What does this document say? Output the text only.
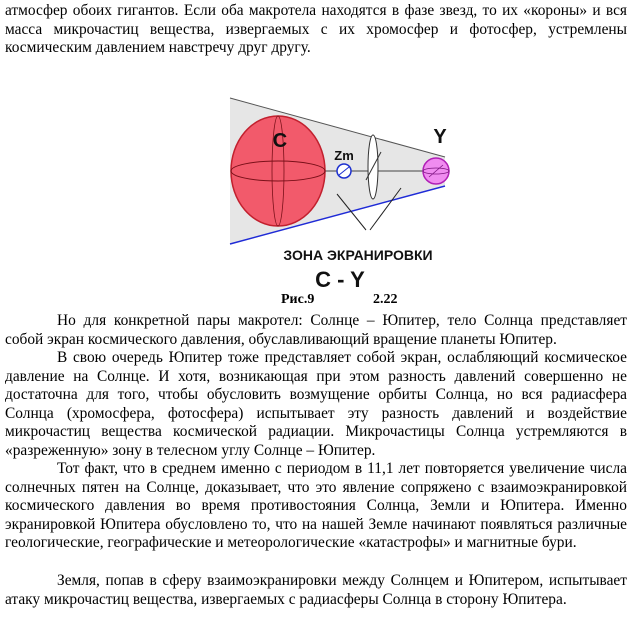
атмосфер обоих гигантов. Если оба макротела находятся в фазе звезд, то их «короны» и вся масса микрочастиц вещества, извергаемых с их хромосфер и фотосфер, устремлены космическим давлением навстречу друг другу.

C
Zm
Y
ЗОНА ЭКРАНИРОВКИ
C - Y
Рис.9	2.22

Но для конкретной пары макротел: Солнце – Юпитер, тело Солнца представляет собой экран космического давления, обуславливающий вращение планеты Юпитер.

В свою очередь Юпитер тоже представляет собой экран, ослабляющий космическое давление на Солнце. И хотя, возникающая при этом разность давлений совершенно не достаточна для того, чтобы обусловить возмущение орбиты Солнца, но вся радиасфера Солнца (хромосфера, фотосфера) испытывает эту разность давлений и воздействие микрочастиц вещества космической радиации. Микрочастицы Солнца устремляются в «разреженную» зону в телесном углу Солнце – Юпитер.

Тот факт, что в среднем именно с периодом в 11,1 лет повторяется увеличение числа солнечных пятен на Солнце, доказывает, что это явление сопряжено с взаимоэкранировкой космического давления во время противостояния Солнца, Земли и Юпитера. Именно экранировкой Юпитера обусловлено то, что на нашей Земле начинают появляться различные геологические, географические и метеорологические «катастрофы» и магнитные бури.

Земля, попав в сферу взаимоэкранировки между Солнцем и Юпитером, испытывает атаку микрочастиц вещества, извергаемых с радиасферы Солнца в сторону Юпитера.
